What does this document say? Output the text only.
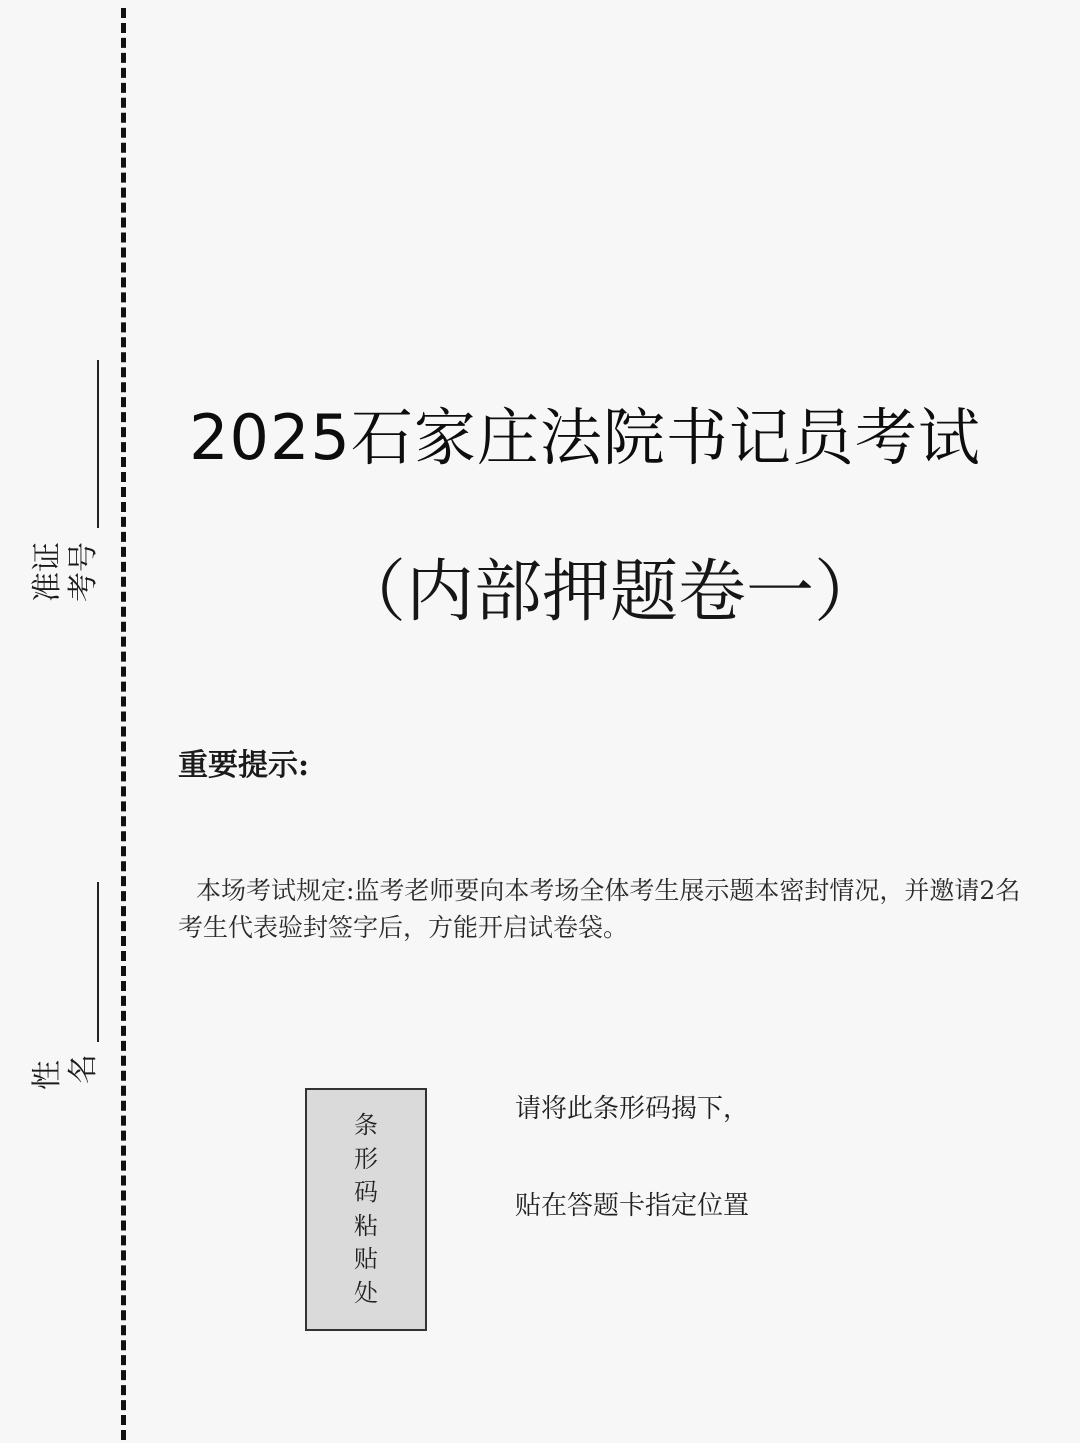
准证 考号
性 名
2025石家庄法院书记员考试
（内部押题卷一）
重要提示:
本场考试规定:监考老师要向本考场全体考生展示题本密封情况，并邀请2名考生代表验封签字后，方能开启试卷袋。
条
形
码
粘
贴
处
请将此条形码揭下，
贴在答题卡指定位置
